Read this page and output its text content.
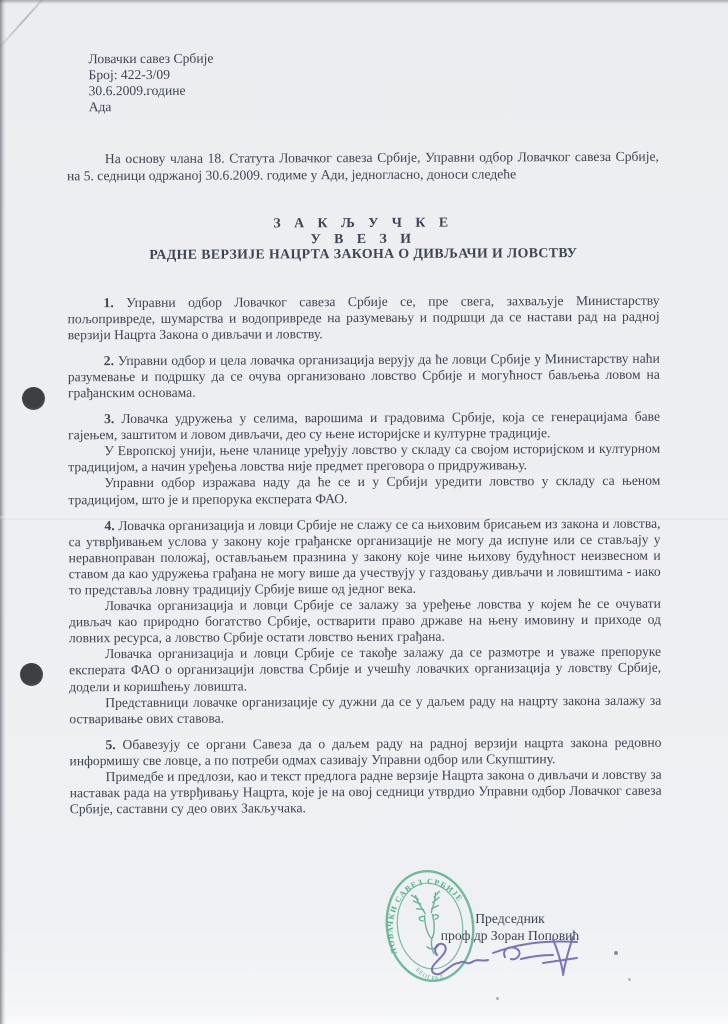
Ловачки савез Србије
Број: 422-3/09
30.6.2009.године
Ада

На основу члана 18. Статута Ловачког савеза Србије, Управни одбор Ловачког савеза Србије, на 5. седници одржаној 30.6.2009. годиме у Ади, једногласно, доноси следеће

З А К Љ У Ч К Е
У В Е З И
РАДНЕ ВЕРЗИЈЕ НАЦРТА ЗАКОНА О ДИВЉАЧИ И ЛОВСТВУ

1. Управни одбор Ловачког савеза Србије се, пре свега, захваљује Министарству пољопривреде, шумарства и водопривреде на разумевању и подршци да се настави рад на радној верзији Нацрта Закона о дивљачи и ловству.

2. Управни одбор и цела ловачка организација верују да ће ловци Србије у Министарству наћи разумевање и подршку да се очува организовано ловство Србије и могућност бављења ловом на грађанским основама.

3. Ловачка удружења у селима, варошима и градовима Србије, која се генерацијама баве гајењем, заштитом и ловом дивљачи, део су њене историјске и културне традиције.

У Европској унији, њене чланице уређују ловство у складу са својом историјском и културном традицијом, а начин уређења ловства није предмет преговора о придруживању.

Управни одбор изражава наду да ће се и у Србији уредити ловство у складу са њеном традицијом, што је и препорука експерата ФАО.

4. Ловачка организација и ловци Србије не слажу се са њиховим брисањем из закона и ловства, са утврђивањем услова у закону које грађанске организације не могу да испуне или се стављају у неравноправан положај, остављањем празнина у закону које чине њихову будућност неизвесном и ставом да као удружења грађана не могу више да учествују у газдовању дивљачи и ловиштима - иако то представља ловну традицију Србије више од једног века.

Ловачка организација и ловци Србије се залажу за уређење ловства у којем ће се очувати дивљач као природно богатство Србије, остварити право државе на њену имовину и приходе од ловних ресурса, а ловство Србије остати ловство њених грађана.

Ловачка организација и ловци Србије се такође залажу да се размотре и уваже препоруке експерата ФАО о организацији ловства Србије и учешћу ловачких организација у ловству Србије, додели и коришћењу ловишта.

Представници ловачке организације су дужни да се у даљем раду на нацрту закона залажу за остваривање ових ставова.

5. Обавезују се органи Савеза да о даљем раду на радној верзији нацрта закона редовно информишу све ловце, а по потреби одмах сазивају Управни одбор или Скупштину.

Примедбе и предлози, као и текст предлога радне верзије Нацрта закона о дивљачи и ловству за наставак рада на утврђивању Нацрта, које је на овој седници утврдио Управни одбор Ловачког савеза Србије, саставни су део ових Закључака.

Председник
проф.др Зоран Поповић
ЛОВАЧКИ САВЕЗ СРБИЈЕ
БЕОГРАД
